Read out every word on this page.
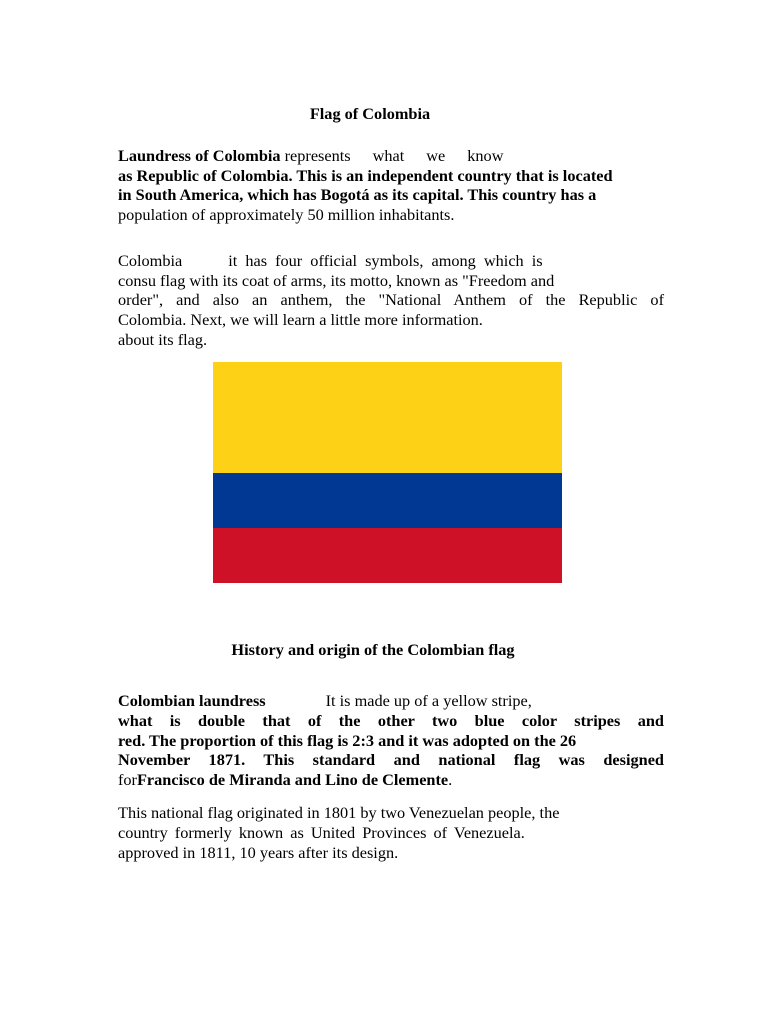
Flag of Colombia
Laundress of Colombia represents what we know
as Republic of Colombia. This is an independent country that is located
in South America, which has Bogotá as its capital. This country has a
population of approximately 50 million inhabitants.
Colombia	it has four official symbols, among which is
consu flag with its coat of arms, its motto, known as "Freedom and
order", and also an anthem, the "National Anthem of the Republic of
Colombia. Next, we will learn a little more information.
about its flag.
History and origin of the Colombian flag
Colombian laundress	It is made up of a yellow stripe,
what is double that of the other two blue color stripes and
red. The proportion of this flag is 2:3 and it was adopted on the 26
November 1871. This standard and national flag was designed
forFrancisco de Miranda and Lino de Clemente.
This national flag originated in 1801 by two Venezuelan people, the
country formerly known as United Provinces of Venezuela.
approved in 1811, 10 years after its design.
